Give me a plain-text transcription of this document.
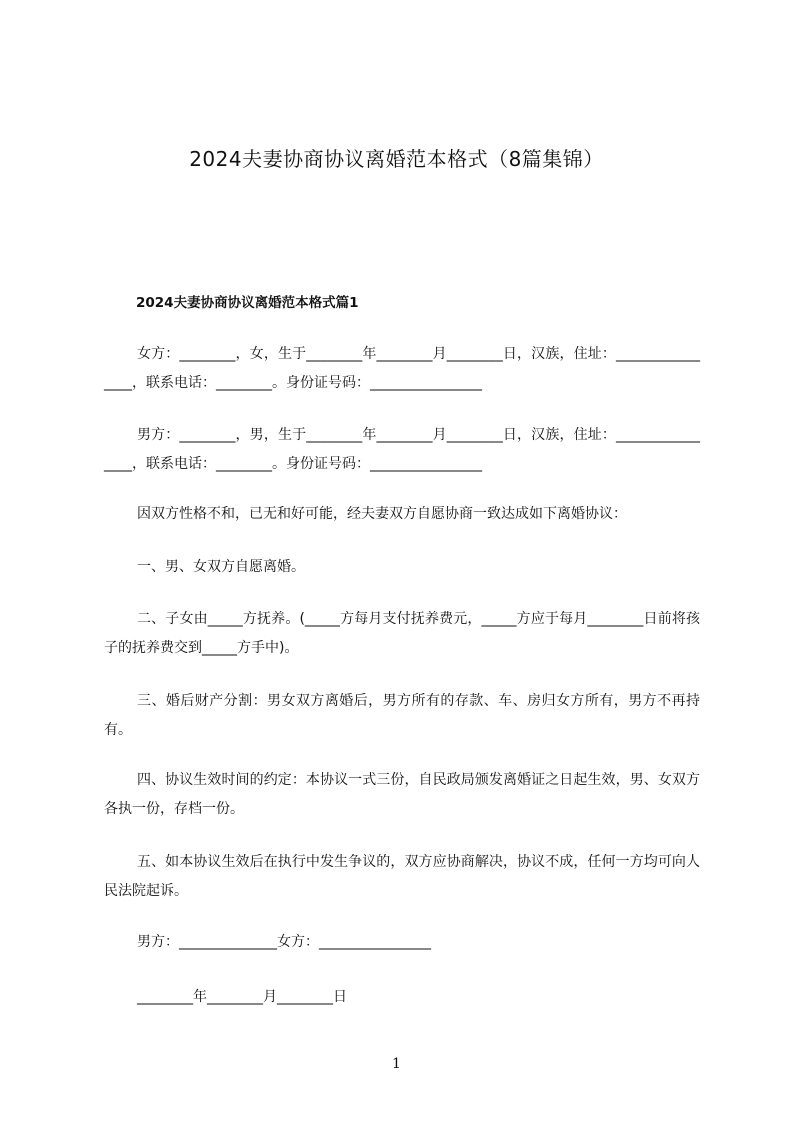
2024夫妻协商协议离婚范本格式（8篇集锦）
2024夫妻协商协议离婚范本格式篇1

女方：________，女，生于________年________月________日，汉族，住址：________________，联系电话：________。身份证号码：________________

男方：________，男，生于________年________月________日，汉族，住址：________________，联系电话：________。身份证号码：________________

因双方性格不和，已无和好可能，经夫妻双方自愿协商一致达成如下离婚协议：

一、男、女双方自愿离婚。

二、子女由_____方抚养。(_____方每月支付抚养费元，_____方应于每月________日前将孩子的抚养费交到_____方手中)。

三、婚后财产分割：男女双方离婚后，男方所有的存款、车、房归女方所有，男方不再持有。

四、协议生效时间的约定：本协议一式三份，自民政局颁发离婚证之日起生效，男、女双方各执一份，存档一份。

五、如本协议生效后在执行中发生争议的，双方应协商解决，协议不成，任何一方均可向人民法院起诉。

男方：______________女方：________________

________年________月________日

1
